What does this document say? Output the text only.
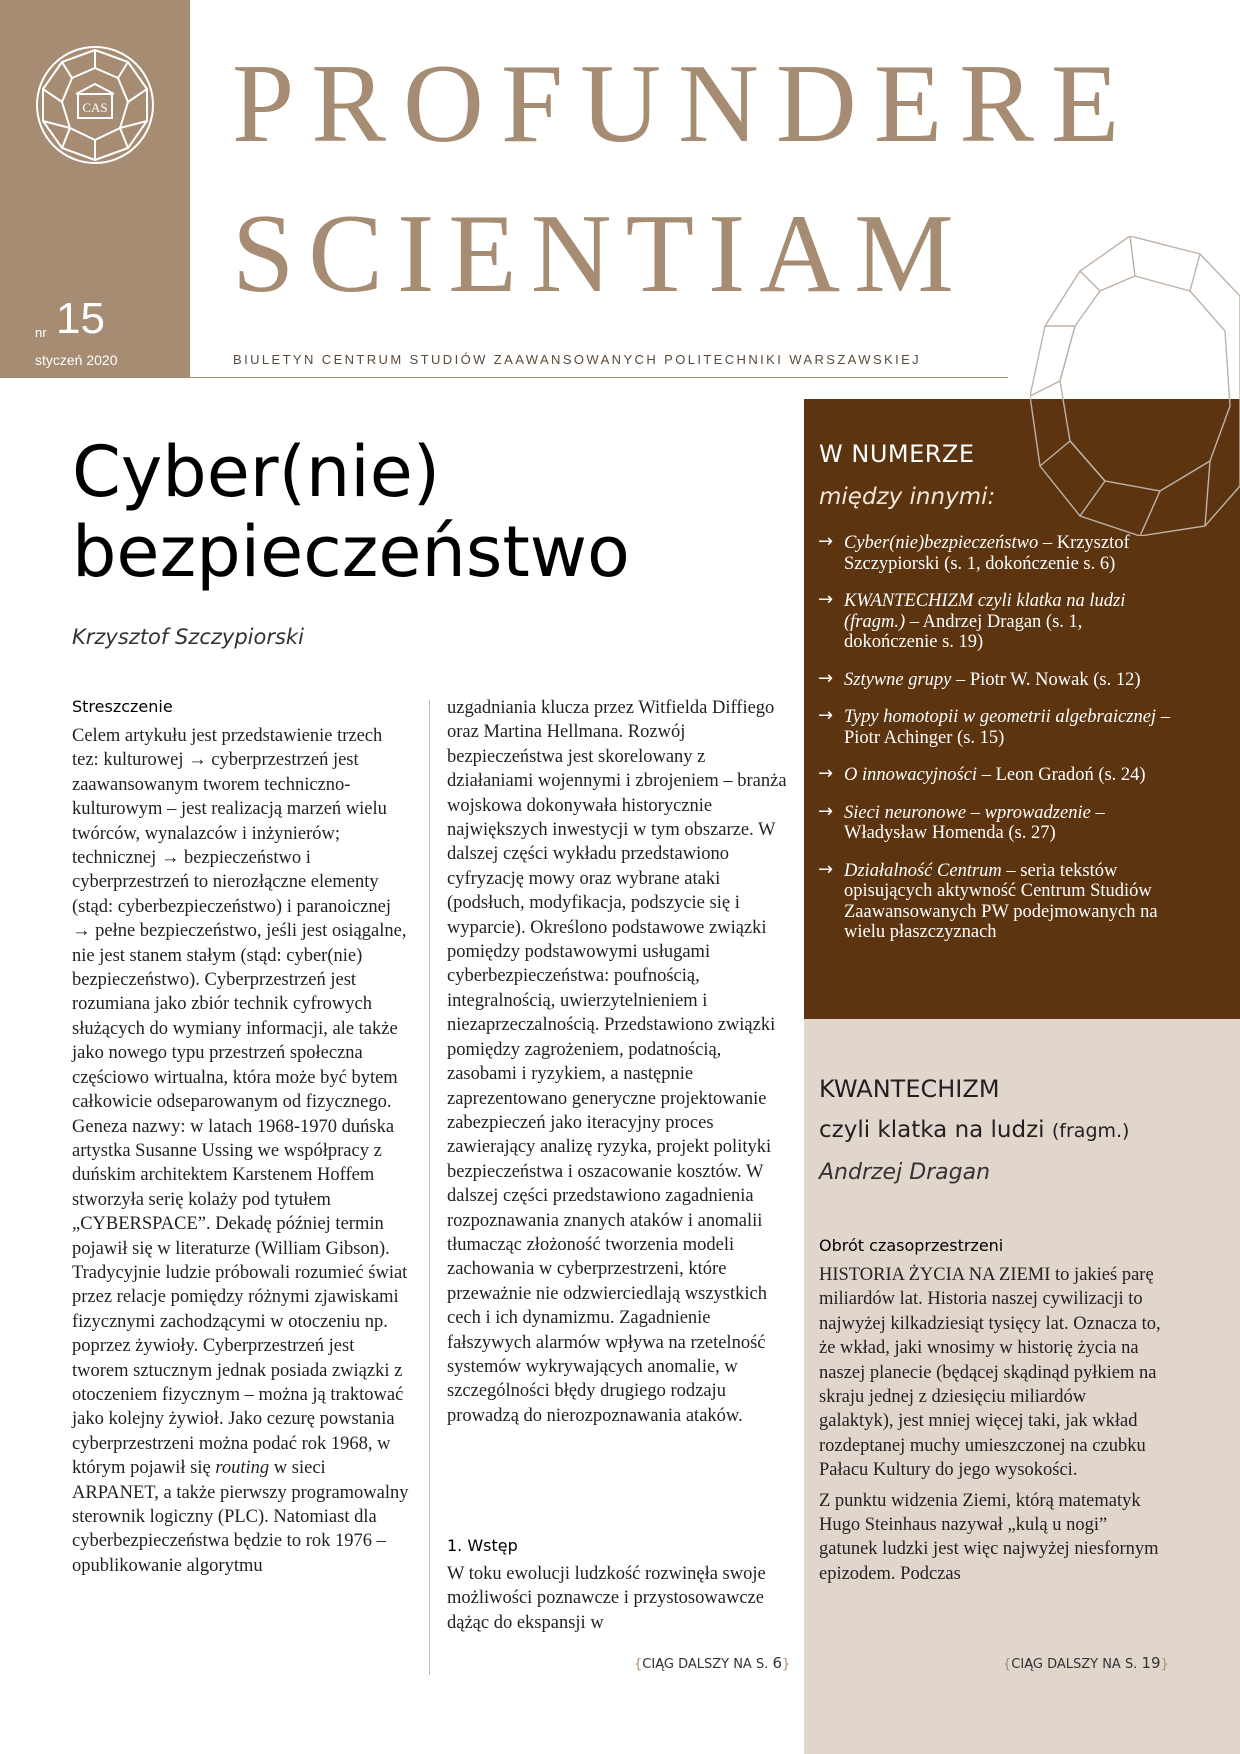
CAS
nr 15
styczeń 2020
PROFUNDERE
SCIENTIAM
BIULETYN CENTRUM STUDIÓW ZAAWANSOWANYCH POLITECHNIKI WARSZAWSKIEJ
Cyber(nie)
bezpieczeństwo
Krzysztof Szczypiorski
Streszczenie
Celem artykułu jest przedstawienie trzech tez: kulturowej → cyberprzestrzeń jest zaawansowanym tworem techniczno-kulturowym – jest realizacją marzeń wielu twórców, wynalazców i inżynierów; technicznej → bezpieczeństwo i cyberprzestrzeń to nierozłączne elementy (stąd: cyberbezpieczeństwo) i paranoicznej → pełne bezpieczeństwo, jeśli jest osiągalne, nie jest stanem stałym (stąd: cyber(nie) bezpieczeństwo). Cyberprzestrzeń jest rozumiana jako zbiór technik cyfrowych służących do wymiany informacji, ale także jako nowego typu przestrzeń społeczna częściowo wirtualna, która może być bytem całkowicie odseparowanym od fizycznego. Geneza nazwy: w latach 1968-1970 duńska artystka Susanne Ussing we współpracy z duńskim architektem Karstenem Hoffem stworzyła serię kolaży pod tytułem „CYBERSPACE”. Dekadę później termin pojawił się w literaturze (William Gibson). Tradycyjnie ludzie próbowali rozumieć świat przez relacje pomiędzy różnymi zjawiskami fizycznymi zachodzącymi w otoczeniu np. poprzez żywioły. Cyberprzestrzeń jest tworem sztucznym jednak posiada związki z otoczeniem fizycznym – można ją traktować jako kolejny żywioł. Jako cezurę powstania cyberprzestrzeni można podać rok 1968, w którym pojawił się routing w sieci ARPANET, a także pierwszy programowalny sterownik logiczny (PLC). Natomiast dla cyberbezpieczeństwa będzie to rok 1976 – opublikowanie algorytmu
uzgadniania klucza przez Witfielda Diffiego oraz Martina Hellmana. Rozwój bezpieczeństwa jest skorelowany z działaniami wojennymi i zbrojeniem – branża wojskowa dokonywała historycznie największych inwestycji w tym obszarze. W dalszej części wykładu przedstawiono cyfryzację mowy oraz wybrane ataki (podsłuch, modyfikacja, podszycie się i wyparcie). Określono podstawowe związki pomiędzy podstawowymi usługami cyberbezpieczeństwa: poufnością, integralnością, uwierzytelnieniem i niezaprzeczalnością. Przedstawiono związki pomiędzy zagrożeniem, podatnością, zasobami i ryzykiem, a następnie zaprezentowano generyczne projektowanie zabezpieczeń jako iteracyjny proces zawierający analizę ryzyka, projekt polityki bezpieczeństwa i oszacowanie kosztów. W dalszej części przedstawiono zagadnienia rozpoznawania znanych ataków i anomalii tłumacząc złożoność tworzenia modeli zachowania w cyberprzestrzeni, które przeważnie nie odzwierciedlają wszystkich cech i ich dynamizmu. Zagadnienie fałszywych alarmów wpływa na rzetelność systemów wykrywających anomalie, w szczególności błędy drugiego rodzaju prowadzą do nierozpoznawania ataków.
1. Wstęp
W toku ewolucji ludzkość rozwinęła swoje możliwości poznawcze i przystosowawcze dążąc do ekspansji w
{CIĄG DALSZY NA S. 6}
W NUMERZE
między innymi:
→ Cyber(nie)bezpieczeństwo – Krzysztof Szczypiorski (s. 1, dokończenie s. 6)
→ KWANTECHIZM czyli klatka na ludzi (fragm.) – Andrzej Dragan (s. 1, dokończenie s. 19)
→ Sztywne grupy – Piotr W. Nowak (s. 12)
→ Typy homotopii w geometrii algebraicznej – Piotr Achinger (s. 15)
→ O innowacyjności – Leon Gradoń (s. 24)
→ Sieci neuronowe – wprowadzenie – Władysław Homenda (s. 27)
→ Działalność Centrum – seria tekstów opisujących aktywność Centrum Studiów Zaawansowanych PW podejmowanych na wielu płaszczyznach
KWANTECHIZM
czyli klatka na ludzi (fragm.)
Andrzej Dragan
Obrót czasoprzestrzeni

HISTORIA ŻYCIA NA ZIEMI to jakieś parę miliardów lat. Historia naszej cywilizacji to najwyżej kilkadziesiąt tysięcy lat. Oznacza to, że wkład, jaki wnosimy w historię życia na naszej planecie (będącej skądinąd pyłkiem na skraju jednej z dziesięciu miliardów galaktyk), jest mniej więcej taki, jak wkład rozdeptanej muchy umieszczonej na czubku Pałacu Kultury do jego wysokości.

Z punktu widzenia Ziemi, którą matematyk Hugo Steinhaus nazywał „kulą u nogi” gatunek ludzki jest więc najwyżej niesfornym epizodem. Podczas

{CIĄG DALSZY NA S. 19}
